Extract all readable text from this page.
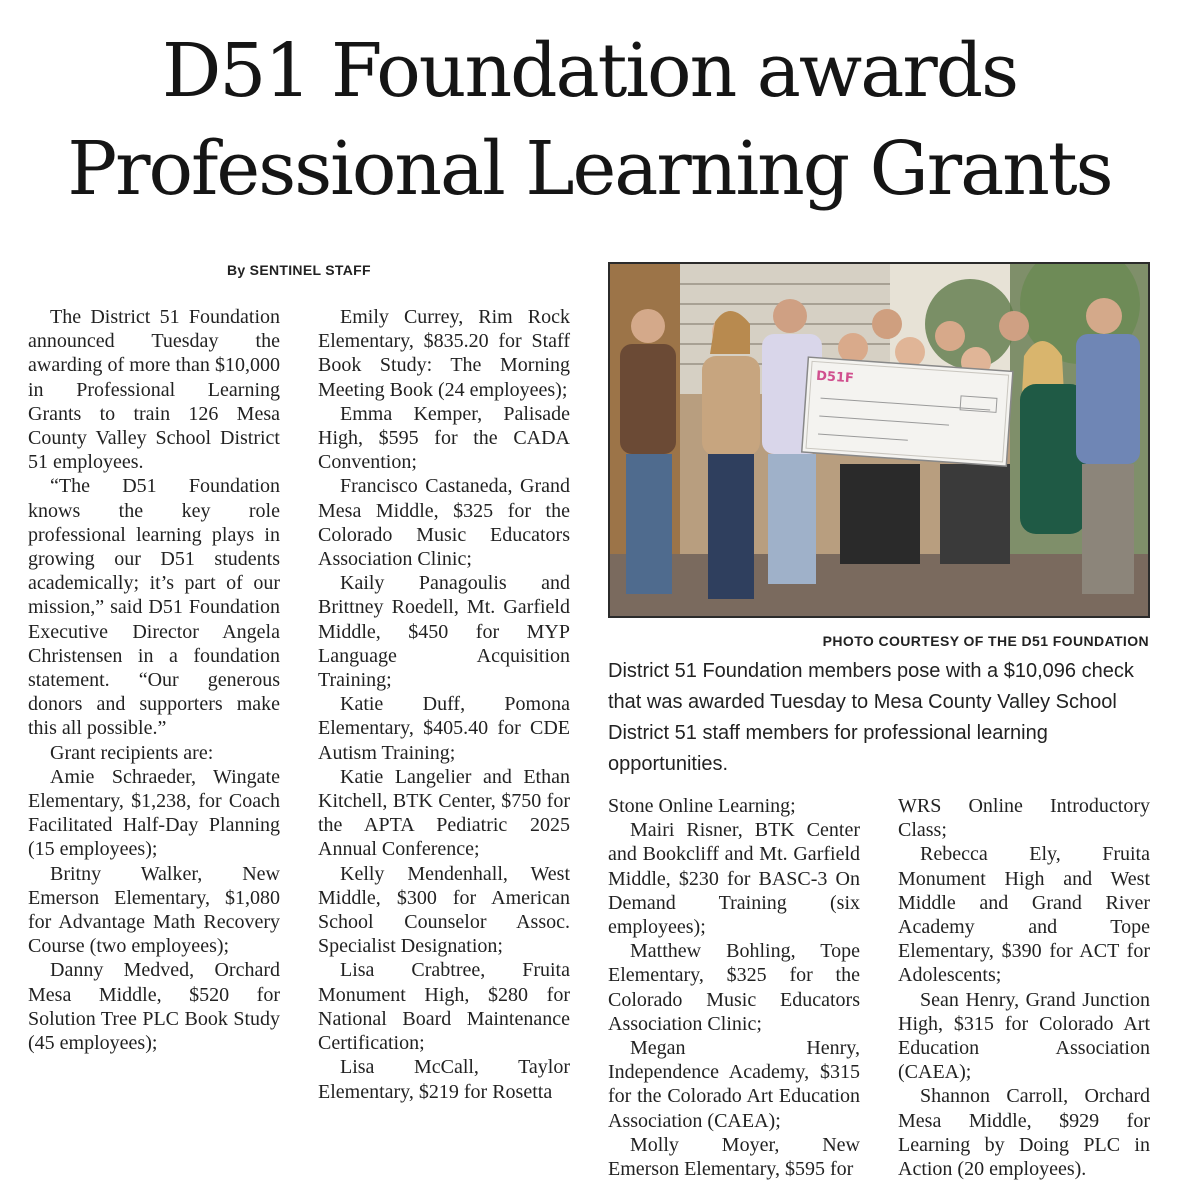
D51 Foundation awards
Professional Learning Grants
By SENTINEL STAFF

The District 51 Foundation announced Tuesday the awarding of more than $10,000 in Professional Learning Grants to train 126 Mesa County Valley School District 51 employees.

“The D51 Foundation knows the key role professional learning plays in growing our D51 students academically; it’s part of our mission,” said D51 Foundation Executive Director Angela Christensen in a foundation statement. “Our generous donors and supporters make this all possible.”

Grant recipients are:

Amie Schraeder, Wingate Elementary, $1,238, for Coach Facilitated Half-Day Planning (15 employees);

Britny Walker, New Emerson Elementary, $1,080 for Advantage Math Recovery Course (two employees);

Danny Medved, Orchard Mesa Middle, $520 for Solution Tree PLC Book Study (45 employees);

Emily Currey, Rim Rock Elementary, $835.20 for Staff Book Study: The Morning Meeting Book (24 employees);

Emma Kemper, Palisade High, $595 for the CADA Convention;

Francisco Castaneda, Grand Mesa Middle, $325 for the Colorado Music Educators Association Clinic;

Kaily Panagoulis and Brittney Roedell, Mt. Garfield Middle, $450 for MYP Language Acquisition Training;

Katie Duff, Pomona Elementary, $405.40 for CDE Autism Training;

Katie Langelier and Ethan Kitchell, BTK Center, $750 for the APTA Pediatric 2025 Annual Conference;

Kelly Mendenhall, West Middle, $300 for American School Counselor Assoc. Specialist Designation;

Lisa Crabtree, Fruita Monument High, $280 for National Board Maintenance Certification;

Lisa McCall, Taylor Elementary, $219 for Rosetta

D51F
PHOTO COURTESY OF THE D51 FOUNDATION
District 51 Foundation members pose with a $10,096 check that was awarded Tuesday to Mesa County Valley School District 51 staff members for professional learning opportunities.

Stone Online Learning;

Mairi Risner, BTK Center and Bookcliff and Mt. Garfield Middle, $230 for BASC-3 On Demand Training (six employees);

Matthew Bohling, Tope Elementary, $325 for the Colorado Music Educators Association Clinic;

Megan Henry, Independence Academy, $315 for the Colorado Art Education Association (CAEA);

Molly Moyer, New Emerson Elementary, $595 for

WRS Online Introductory Class;

Rebecca Ely, Fruita Monument High and West Middle and Grand River Academy and Tope Elementary, $390 for ACT for Adolescents;

Sean Henry, Grand Junction High, $315 for Colorado Art Education Association (CAEA);

Shannon Carroll, Orchard Mesa Middle, $929 for Learning by Doing PLC in Action (20 employees).
